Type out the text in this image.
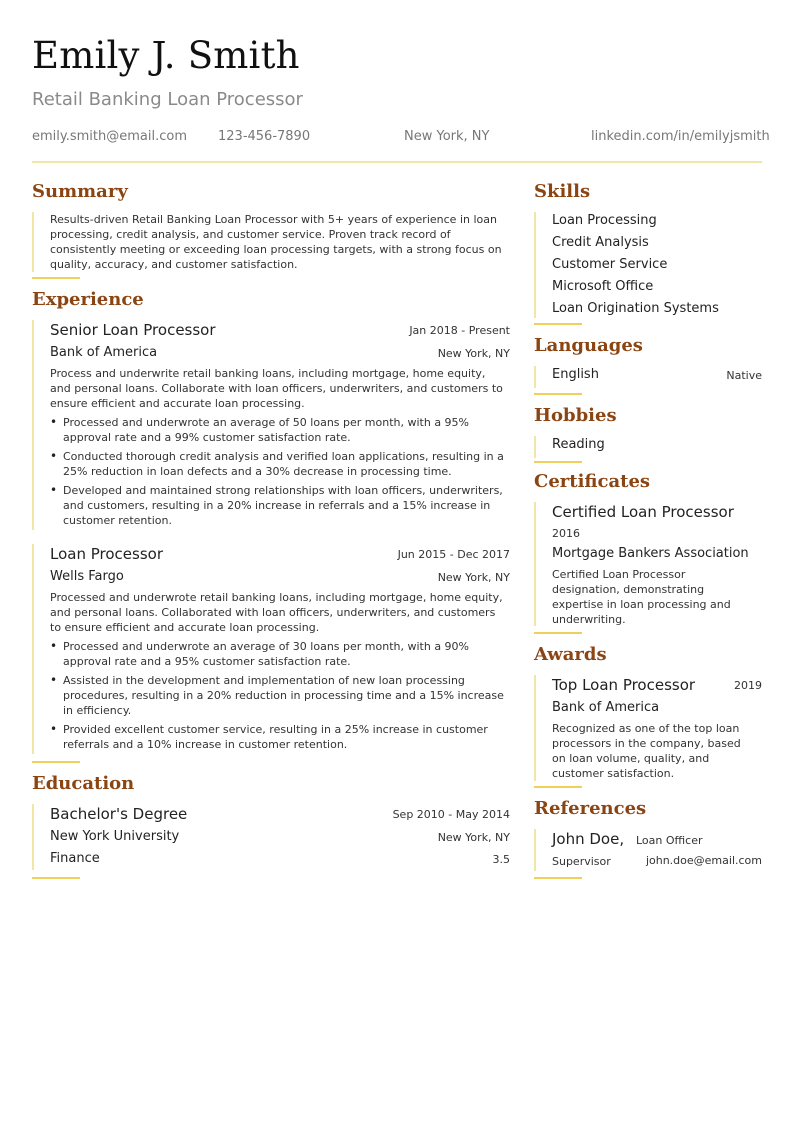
Emily J. Smith
Retail Banking Loan Processor
emily.smith@email.com 123-456-7890	New York, NY	linkedin.com/in/emilyjsmith
Summary
Results-driven Retail Banking Loan Processor with 5+ years of experience in loan processing, credit analysis, and customer service. Proven track record of consistently meeting or exceeding loan processing targets, with a strong focus on quality, accuracy, and customer satisfaction.
Experience
Senior Loan Processor	Jan 2018 - Present
Bank of America	New York, NY
Process and underwrite retail banking loans, including mortgage, home equity, and personal loans. Collaborate with loan officers, underwriters, and customers to ensure efficient and accurate loan processing.
• Processed and underwrote an average of 50 loans per month, with a 95% approval rate and a 99% customer satisfaction rate.
• Conducted thorough credit analysis and verified loan applications, resulting in a 25% reduction in loan defects and a 30% decrease in processing time.
• Developed and maintained strong relationships with loan officers, underwriters, and customers, resulting in a 20% increase in referrals and a 15% increase in customer retention.
Loan Processor	Jun 2015 - Dec 2017
Wells Fargo	New York, NY
Processed and underwrote retail banking loans, including mortgage, home equity, and personal loans. Collaborated with loan officers, underwriters, and customers to ensure efficient and accurate loan processing.
• Processed and underwrote an average of 30 loans per month, with a 90% approval rate and a 95% customer satisfaction rate.
• Assisted in the development and implementation of new loan processing procedures, resulting in a 20% reduction in processing time and a 15% increase in efficiency.
• Provided excellent customer service, resulting in a 25% increase in customer referrals and a 10% increase in customer retention.
Education
Bachelor's Degree	Sep 2010 - May 2014
New York University	New York, NY
Finance	3.5
Skills
Loan Processing
Credit Analysis
Customer Service
Microsoft Office
Loan Origination Systems
Languages
English	Native
Hobbies
Reading
Certificates
Certified Loan Processor
2016
Mortgage Bankers Association
Certified Loan Processor designation, demonstrating expertise in loan processing and underwriting.
Awards
Top Loan Processor	2019
Bank of America
Recognized as one of the top loan processors in the company, based on loan volume, quality, and customer satisfaction.
References
John Doe, Loan Officer
Supervisor	john.doe@email.com
